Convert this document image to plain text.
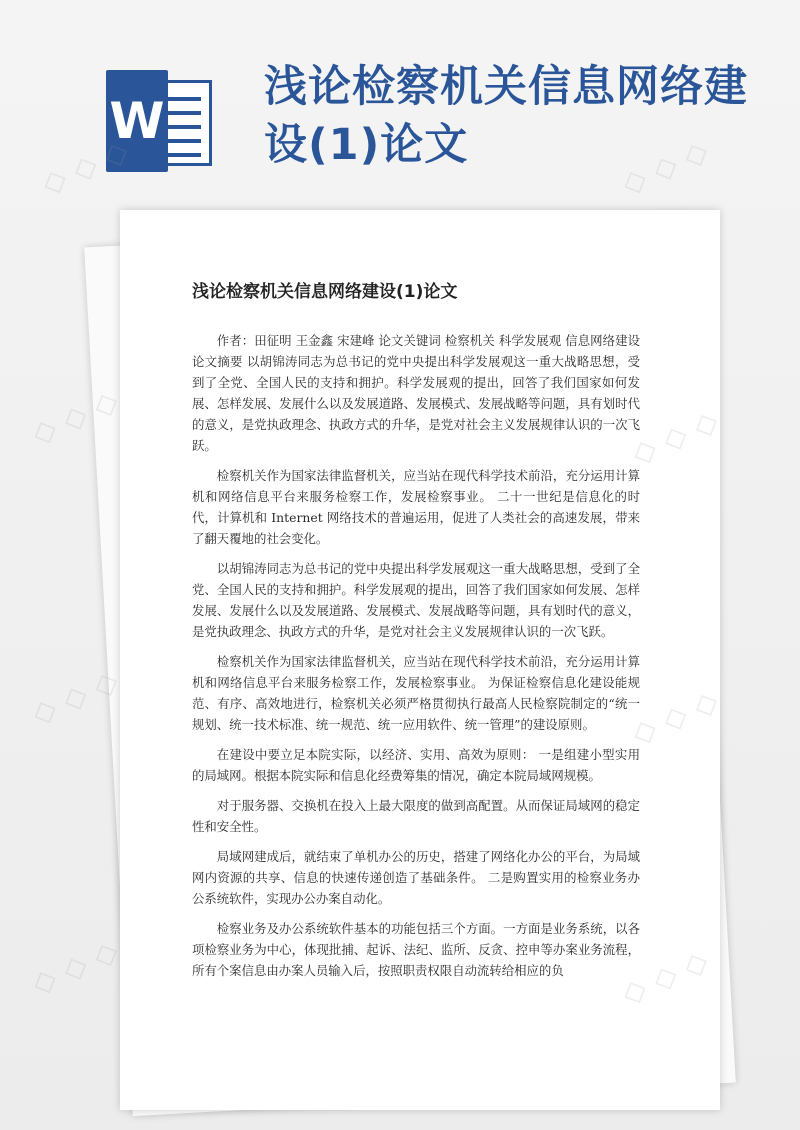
W
浅论检察机关信息网络建设(1)论文
浅论检察机关信息网络建设(1)论文

作者：田征明 王金鑫 宋建峰 论文关键词 检察机关 科学发展观 信息网络建设 论文摘要 以胡锦涛同志为总书记的党中央提出科学发展观这一重大战略思想，受到了全党、全国人民的支持和拥护。科学发展观的提出，回答了我们国家如何发展、怎样发展、发展什么以及发展道路、发展模式、发展战略等问题，具有划时代的意义，是党执政理念、执政方式的升华，是党对社会主义发展规律认识的一次飞跃。

检察机关作为国家法律监督机关，应当站在现代科学技术前沿，充分运用计算机和网络信息平台来服务检察工作，发展检察事业。 二十一世纪是信息化的时代，计算机和 Internet 网络技术的普遍运用，促进了人类社会的高速发展，带来了翻天覆地的社会变化。

以胡锦涛同志为总书记的党中央提出科学发展观这一重大战略思想，受到了全党、全国人民的支持和拥护。科学发展观的提出，回答了我们国家如何发展、怎样发展、发展什么以及发展道路、发展模式、发展战略等问题，具有划时代的意义，是党执政理念、执政方式的升华，是党对社会主义发展规律认识的一次飞跃。

检察机关作为国家法律监督机关，应当站在现代科学技术前沿，充分运用计算机和网络信息平台来服务检察工作，发展检察事业。 为保证检察信息化建设能规范、有序、高效地进行，检察机关必须严格贯彻执行最高人民检察院制定的“统一规划、统一技术标准、统一规范、统一应用软件、统一管理”的建设原则。

在建设中要立足本院实际，以经济、实用、高效为原则： 一是组建小型实用的局域网。根据本院实际和信息化经费筹集的情况，确定本院局域网规模。

对于服务器、交换机在投入上最大限度的做到高配置。从而保证局域网的稳定性和安全性。

局域网建成后，就结束了单机办公的历史，搭建了网络化办公的平台，为局域网内资源的共享、信息的快速传递创造了基础条件。 二是购置实用的检察业务办公系统软件，实现办公办案自动化。

检察业务及办公系统软件基本的功能包括三个方面。一方面是业务系统，以各项检察业务为中心，体现批捕、起诉、法纪、监所、反贪、控申等办案业务流程，所有个案信息由办案人员输入后，按照职责权限自动流转给相应的负
